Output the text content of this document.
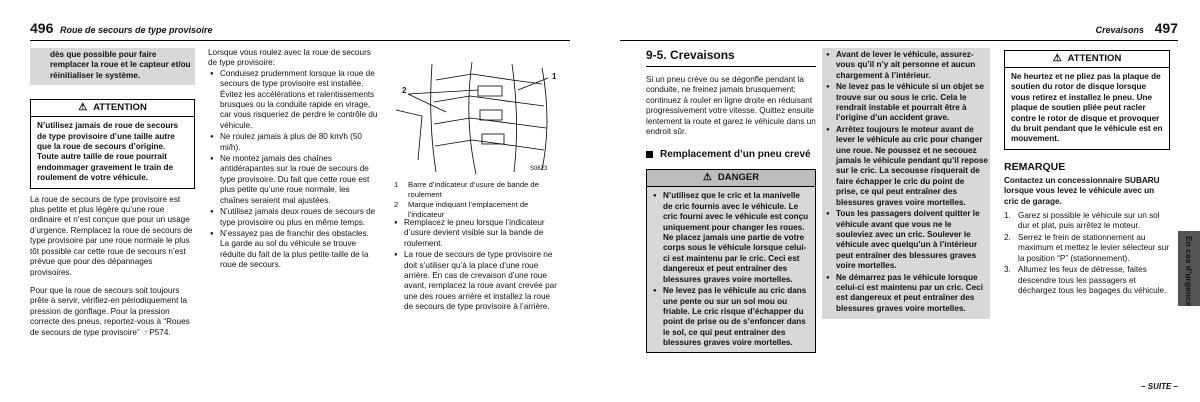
496 Roue de secours de type provisoire
dès que possible pour faire remplacer la roue et le capteur et/ou réinitialiser le système.
⚠ ATTENTION
N’utilisez jamais de roue de secours de type provisoire d’une taille autre que la roue de secours d’origine. Toute autre taille de roue pourrait endommager gravement le train de roulement de votre véhicule.

La roue de secours de type provisoire est plus petite et plus légère qu’une roue ordinaire et n’est conçue que pour un usage d’urgence. Remplacez la roue de secours de type provisoire par une roue normale le plus tôt possible car cette roue de secours n’est prévue que pour des dépannages provisoires.

Pour que la roue de secours soit toujours prête à servir, vérifiez-en périodiquement la pression de gonflage. Pour la pression correcte des pneus, reportez-vous à “Roues de secours de type provisoire” ☞P574.

Lorsque vous roulez avec la roue de secours de type provisoire:
● Conduisez prudemment lorsque la roue de secours de type provisoire est installée. Évitez les accélérations et ralentissements brusques ou la conduite rapide en virage, car vous risqueriez de perdre le contrôle du véhicule.
● Ne roulez jamais à plus de 80 km/h (50 mi/h).
● Ne montez jamais des chaînes antidérapantes sur la roue de secours de type provisoire. Du fait que cette roue est plus petite qu’une roue normale, les chaînes seraient mal ajustées.
● N’utilisez jamais deux roues de secours de type provisoire ou plus en même temps.
● N’essayez pas de franchir des obstacles. La garde au sol du véhicule se trouve réduite du fait de la plus petite taille de la roue de secours.
2
1
S0623
1 Barre d’indicateur d’usure de bande de roulement
2 Marque indiquant l’emplacement de l’indicateur
● Remplacez le pneu lorsque l’indicateur d’usure devient visible sur la bande de roulement.
● La roue de secours de type provisoire ne doit s’utiliser qu’à la place d’une roue arrière. En cas de crevaison d’une roue avant, remplacez la roue avant crevée par une des roues arrière et installez la roue de secours de type provisoire à l’arrière.
Crevaisons 497
9-5. Crevaisons

Si un pneu crève ou se dégonfle pendant la conduite, ne freinez jamais brusquement; continuez à rouler en ligne droite en réduisant progressivement votre vitesse. Quittez ensuite lentement la route et garez le véhicule dans un endroit sûr.

Remplacement d’un pneu crevé
⚠ DANGER
● N’utilisez que le cric et la manivelle de cric fournis avec le véhicule. Le cric fourni avec le véhicule est conçu uniquement pour changer les roues. Ne placez jamais une partie de votre corps sous le véhicule lorsque celui-ci est maintenu par le cric. Ceci est dangereux et peut entraîner des blessures graves voire mortelles.
● Ne levez pas le véhicule au cric dans une pente ou sur un sol mou ou friable. Le cric risque d’échapper du point de prise ou de s’enfoncer dans le sol, ce qui peut entraîner des blessures graves voire mortelles.
● Avant de lever le véhicule, assurez-vous qu’il n’y ait personne et aucun chargement à l’intérieur.
● Ne levez pas le véhicule si un objet se trouve sur ou sous le cric. Cela le rendrait instable et pourrait être à l’origine d’un accident grave.
● Arrêtez toujours le moteur avant de lever le véhicule au cric pour changer une roue. Ne poussez et ne secouez jamais le véhicule pendant qu’il repose sur le cric. La secousse risquerait de faire échapper le cric du point de prise, ce qui peut entraîner des blessures graves voire mortelles.
● Tous les passagers doivent quitter le véhicule avant que vous ne le souleviez avec un cric. Soulever le véhicule avec quelqu’un à l’intérieur peut entraîner des blessures graves voire mortelles.
● Ne démarrez pas le véhicule lorsque celui-ci est maintenu par un cric. Ceci est dangereux et peut entraîner des blessures graves voire mortelles.
⚠ ATTENTION
Ne heurtez et ne pliez pas la plaque de soutien du rotor de disque lorsque vous retirez et installez le pneu. Une plaque de soutien pliée peut racler contre le rotor de disque et provoquer du bruit pendant que le véhicule est en mouvement.
REMARQUE
Contactez un concessionnaire SUBARU lorsque vous levez le véhicule avec un cric de garage.
1. Garez si possible le véhicule sur un sol dur et plat, puis arrêtez le moteur.
2. Serrez le frein de stationnement au maximum et mettez le levier sélecteur sur la position “P” (stationnement).
3. Allumez les feux de détresse, faites descendre tous les passagers et déchargez tous les bagages du véhicule.	En cas d’urgence
– SUITE –
